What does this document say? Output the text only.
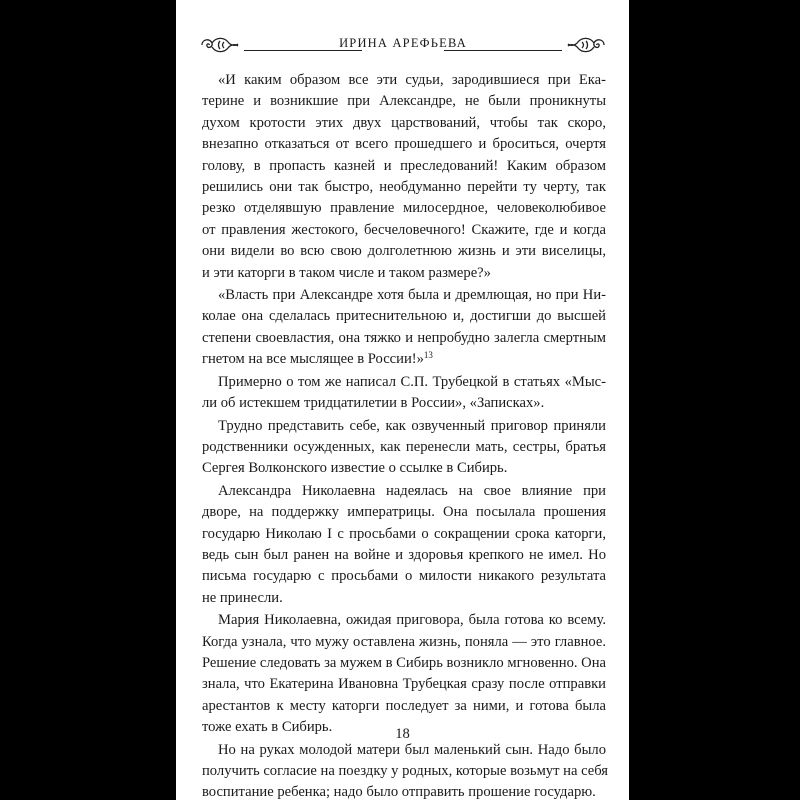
ИРИНА АРЕФЬЕВА
«И каким образом все эти судьи, зародившиеся при Ека-
терине и возникшие при Александре, не были проникнуты
духом кротости этих двух царствований, чтобы так скоро,
внезапно отказаться от всего прошедшего и броситься, очертя
голову, в пропасть казней и преследований! Каким образом
решились они так быстро, необдуманно перейти ту черту, так
резко отделявшую правление милосердное, человеколюбивое
от правления жестокого, бесчеловечного! Скажите, где и когда
они видели во всю свою долголетнюю жизнь и эти виселицы,
и эти каторги в таком числе и таком размере?»
«Власть при Александре хотя была и дремлющая, но при Ни-
колае она сделалась притеснительною и, достигши до высшей
степени своевластия, она тяжко и непробудно залегла смертным
гнетом на все мыслящее в России!»$^{13}$
Примерно о том же написал С.П. Трубецкой в статьях «Мыс-
ли об истекшем тридцатилетии в России», «Записках».
Трудно представить себе, как озвученный приговор приняли
родственники осужденных, как перенесли мать, сестры, братья
Сергея Волконского известие о ссылке в Сибирь.
Александра Николаевна надеялась на свое влияние при
дворе, на поддержку императрицы. Она посылала прошения
государю Николаю I с просьбами о сокращении срока каторги,
ведь сын был ранен на войне и здоровья крепкого не имел. Но
письма государю с просьбами о милости никакого результата
не принесли.
Мария Николаевна, ожидая приговора, была готова ко всему.
Когда узнала, что мужу оставлена жизнь, поняла — это главное.
Решение следовать за мужем в Сибирь возникло мгновенно. Она
знала, что Екатерина Ивановна Трубецкая сразу после отправки
арестантов к месту каторги последует за ними, и готова была
тоже ехать в Сибирь.
Но на руках молодой матери был маленький сын. Надо было
получить согласие на поездку у родных, которые возьмут на себя
воспитание ребенка; надо было отправить прошение государю.
18
